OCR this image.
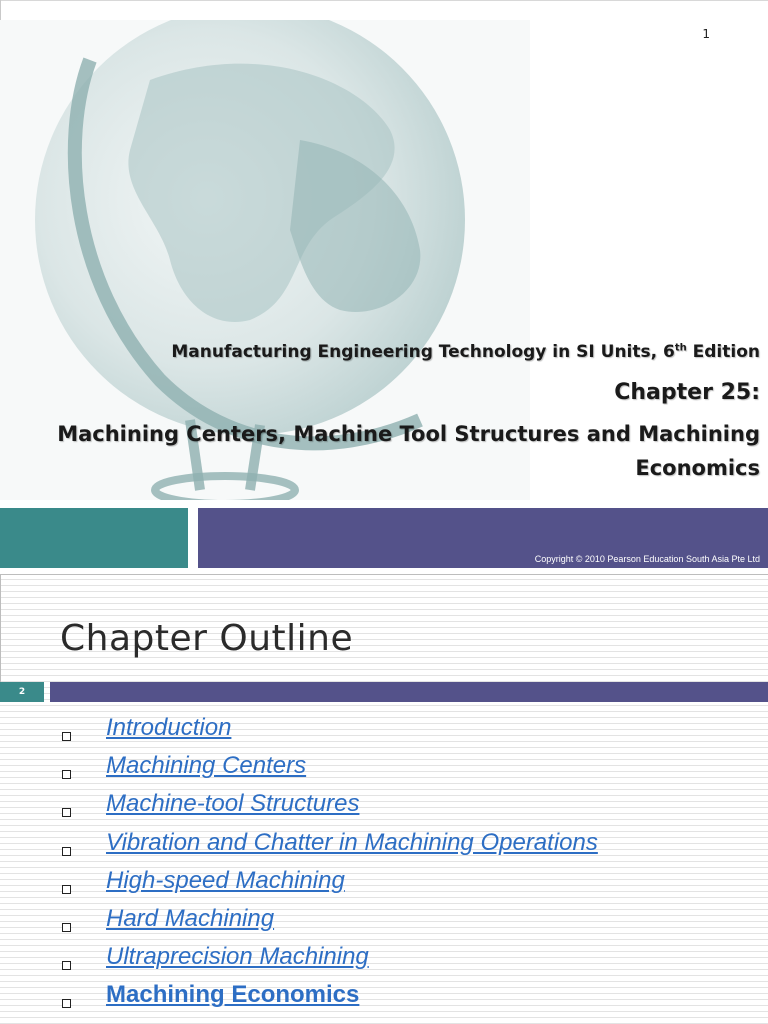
1
Manufacturing Engineering Technology in SI Units, 6th Edition
Chapter 25:
Machining Centers, Machine Tool Structures and Machining
Economics
Copyright © 2010 Pearson Education South Asia Pte Ltd
Chapter Outline
2
Introduction
Machining Centers
Machine-tool Structures
Vibration and Chatter in Machining Operations
High-speed Machining
Hard Machining
Ultraprecision Machining
Machining Economics
